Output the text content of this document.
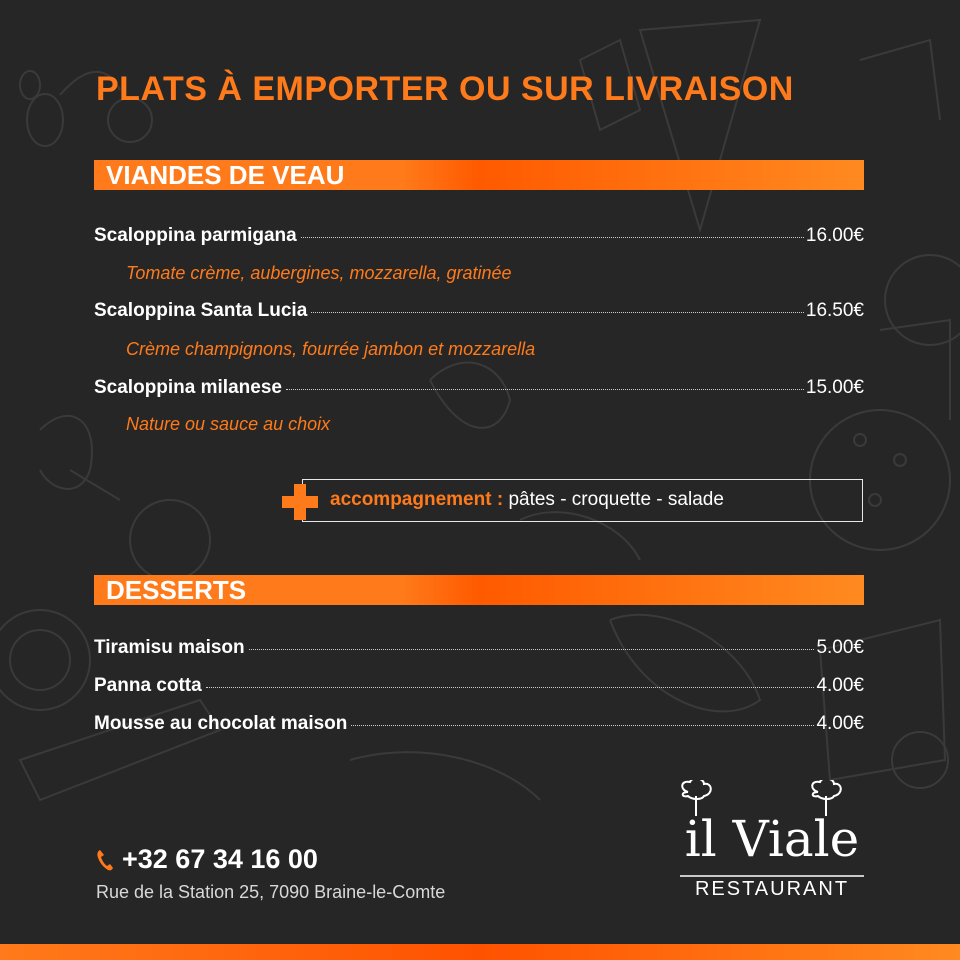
PLATS À EMPORTER OU SUR LIVRAISON
VIANDES DE VEAU
Scaloppina parmigana	16.00€
Tomate crème, aubergines, mozzarella, gratinée
Scaloppina Santa Lucia	16.50€
Crème champignons, fourrée jambon et mozzarella
Scaloppina milanese	15.00€
Nature ou sauce au choix
accompagnement : pâtes - croquette - salade
DESSERTS
Tiramisu maison	5.00€
Panna cotta	4.00€
Mousse au chocolat maison	4.00€
+32 67 34 16 00
Rue de la Station 25, 7090 Braine-le-Comte
il Viale
RESTAURANT
